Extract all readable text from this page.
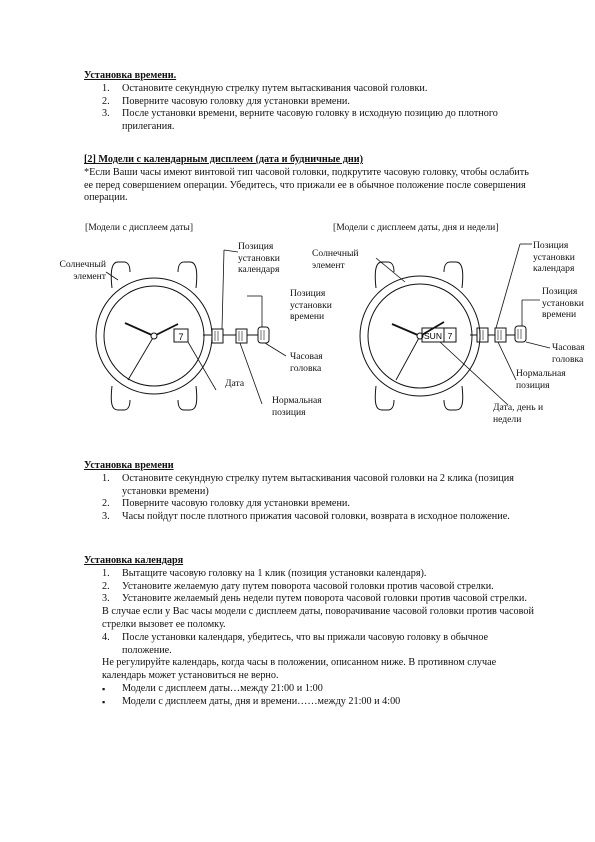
Установка времени.
1. Остановите секундную стрелку путем вытаскивания часовой головки.
2. Поверните часовую головку для установки времени.
3. После установки времени, верните часовую головку в исходную позицию до плотного прилегания.
[2] Модели с календарным дисплеем (дата и будничные дни)

*Если Ваши часы имеют винтовой тип часовой головки, подкрутите часовую головку, чтобы ослабить ее перед совершением операции. Убедитесь, что прижали ее в обычное положение после совершения операции.

7	SUN 7
[Модели с дисплеем даты]
Солнечный элемент
Позиция установки календаря
Позиция установки времени
Часовая головка
Дата
Нормальная позиция
[Модели с дисплеем даты, дня и недели]
Солнечный элемент
Позиция установки календаря
Позиция установки времени
Часовая головка
Нормальная позиция
Дата, день и недели
Установка времени
1. Остановите секундную стрелку путем вытаскивания часовой головки на 2 клика (позиция установки времени)
2. Поверните часовую головку для установки времени.
3. Часы пойдут после плотного прижатия часовой головки, возврата в исходное положение.
Установка календаря
1. Вытащите часовую головку на 1 клик (позиция установки календаря).
2. Установите желаемую дату путем поворота часовой головки против часовой стрелки.
3. Установите желаемый день недели путем поворота часовой головки против часовой стрелки.

В случае если у Вас часы модели с дисплеем даты, поворачивание часовой головки против часовой стрелки вызовет ее поломку.

4. После установки календаря, убедитесь, что вы прижали часовую головку в обычное положение.

Не регулируйте календарь, когда часы в положении, описанном ниже. В противном случае календарь может установиться не верно.

▪ Модели с дисплеем даты…между 21:00 и 1:00
▪ Модели с дисплеем даты, дня и времени……между 21:00 и 4:00
